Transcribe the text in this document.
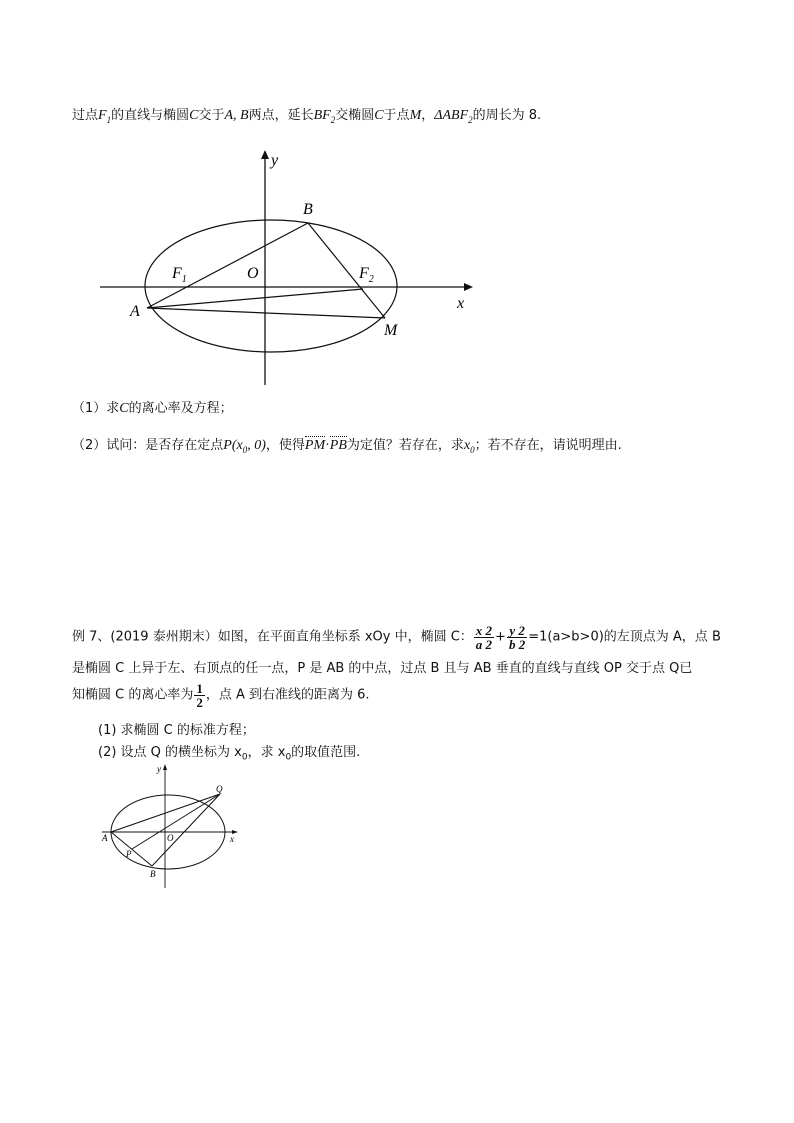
过点$F_1$的直线与椭圆C交于A, B两点，延长$BF_2$交椭圆C于点M，$\Delta ABF_2$的周长为 8.
y
x
O
B
A
M
$F_1$	$F_2$
（1）求C的离心率及方程；
（2）试问：是否存在定点$P(x_0$, 0)，使得PM·PB为定值？若存在，求$x_0$；若不存在，请说明理由.
例 7、(2019 泰州期末）如图，在平面直角坐标系 xOy 中，椭圆 C： $\frac{x 2}{a 2} + \frac{y 2}{b 2} =1(a>b>0)$的左顶点为 A，点 B
是椭圆 C 上异于左、右顶点的任一点，P 是 AB 的中点，过点 B 且与 AB 垂直的直线与直线 OP 交于点 Q已
知椭圆 C 的离心率为 $\frac{1}{2}$ ，点 A 到右准线的距离为 6.
(1) 求椭圆 C 的标准方程；
(2) 设点 Q 的横坐标为 $x_0$，求 $x_0$的取值范围.
y
x
O
A
B
P
Q
